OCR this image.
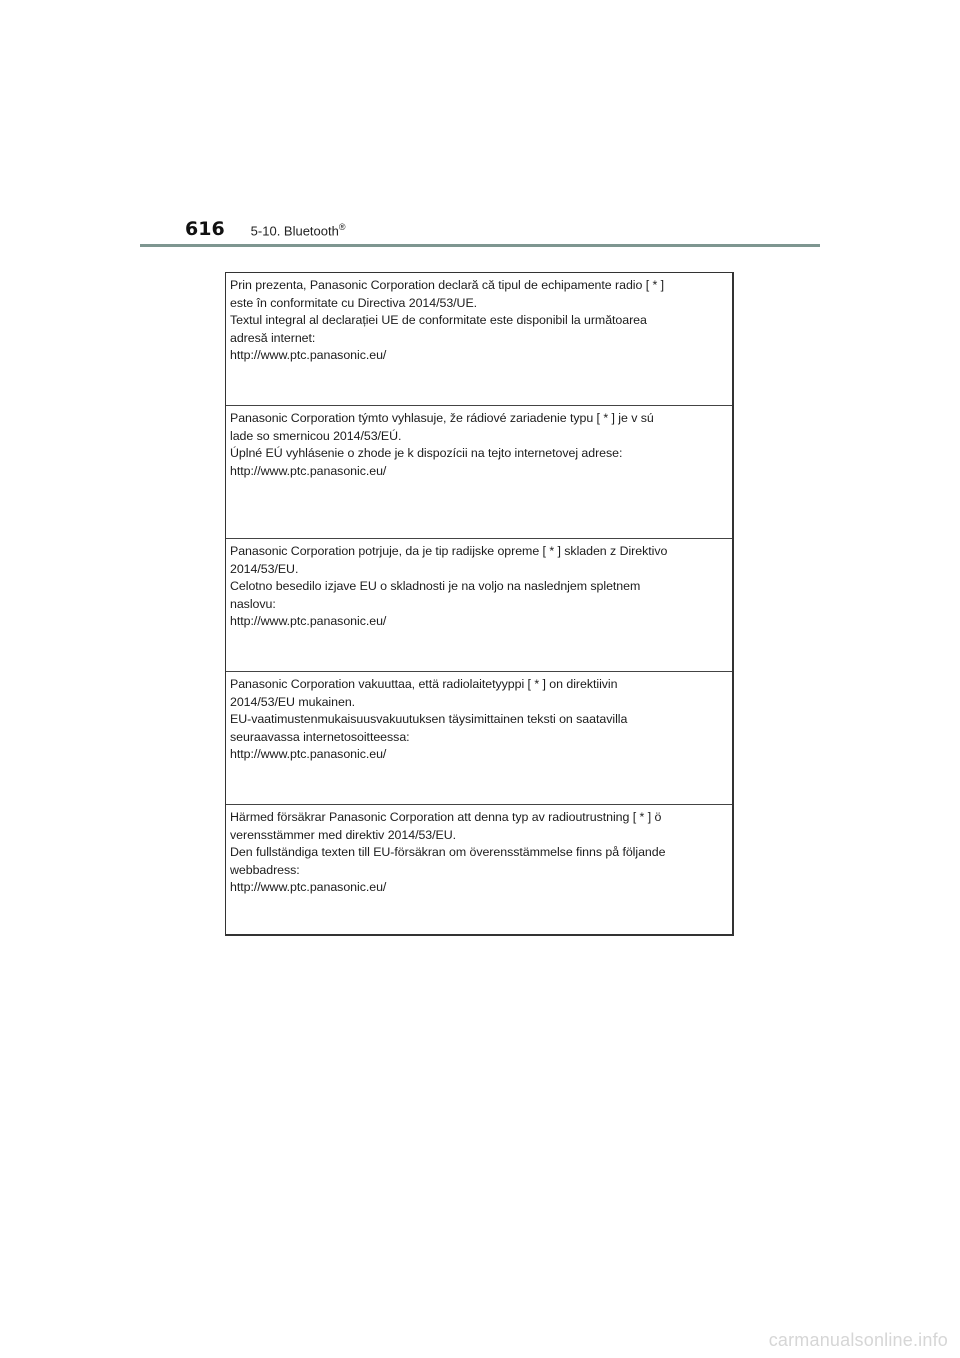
616 5-10. Bluetooth®

Prin prezenta, Panasonic Corporation declară că tipul de echipamente radio [ * ]

este în conformitate cu Directiva 2014/53/UE.

Textul integral al declarației UE de conformitate este disponibil la următoarea

adresă internet:

http://www.ptc.panasonic.eu/

Panasonic Corporation týmto vyhlasuje, že rádiové zariadenie typu [ * ] je v sú

lade so smernicou 2014/53/EÚ.

Úplné EÚ vyhlásenie o zhode je k dispozícii na tejto internetovej adrese:

http://www.ptc.panasonic.eu/

Panasonic Corporation potrjuje, da je tip radijske opreme [ * ] skladen z Direktivo

2014/53/EU.

Celotno besedilo izjave EU o skladnosti je na voljo na naslednjem spletnem

naslovu:

http://www.ptc.panasonic.eu/

Panasonic Corporation vakuuttaa, että radiolaitetyyppi [ * ] on direktiivin

2014/53/EU mukainen.

EU-vaatimustenmukaisuusvakuutuksen täysimittainen teksti on saatavilla

seuraavassa internetosoitteessa:

http://www.ptc.panasonic.eu/

Härmed försäkrar Panasonic Corporation att denna typ av radioutrustning [ * ] ö

verensstämmer med direktiv 2014/53/EU.

Den fullständiga texten till EU-försäkran om överensstämmelse finns på följande

webbadress:

http://www.ptc.panasonic.eu/

carmanualsonline.info
